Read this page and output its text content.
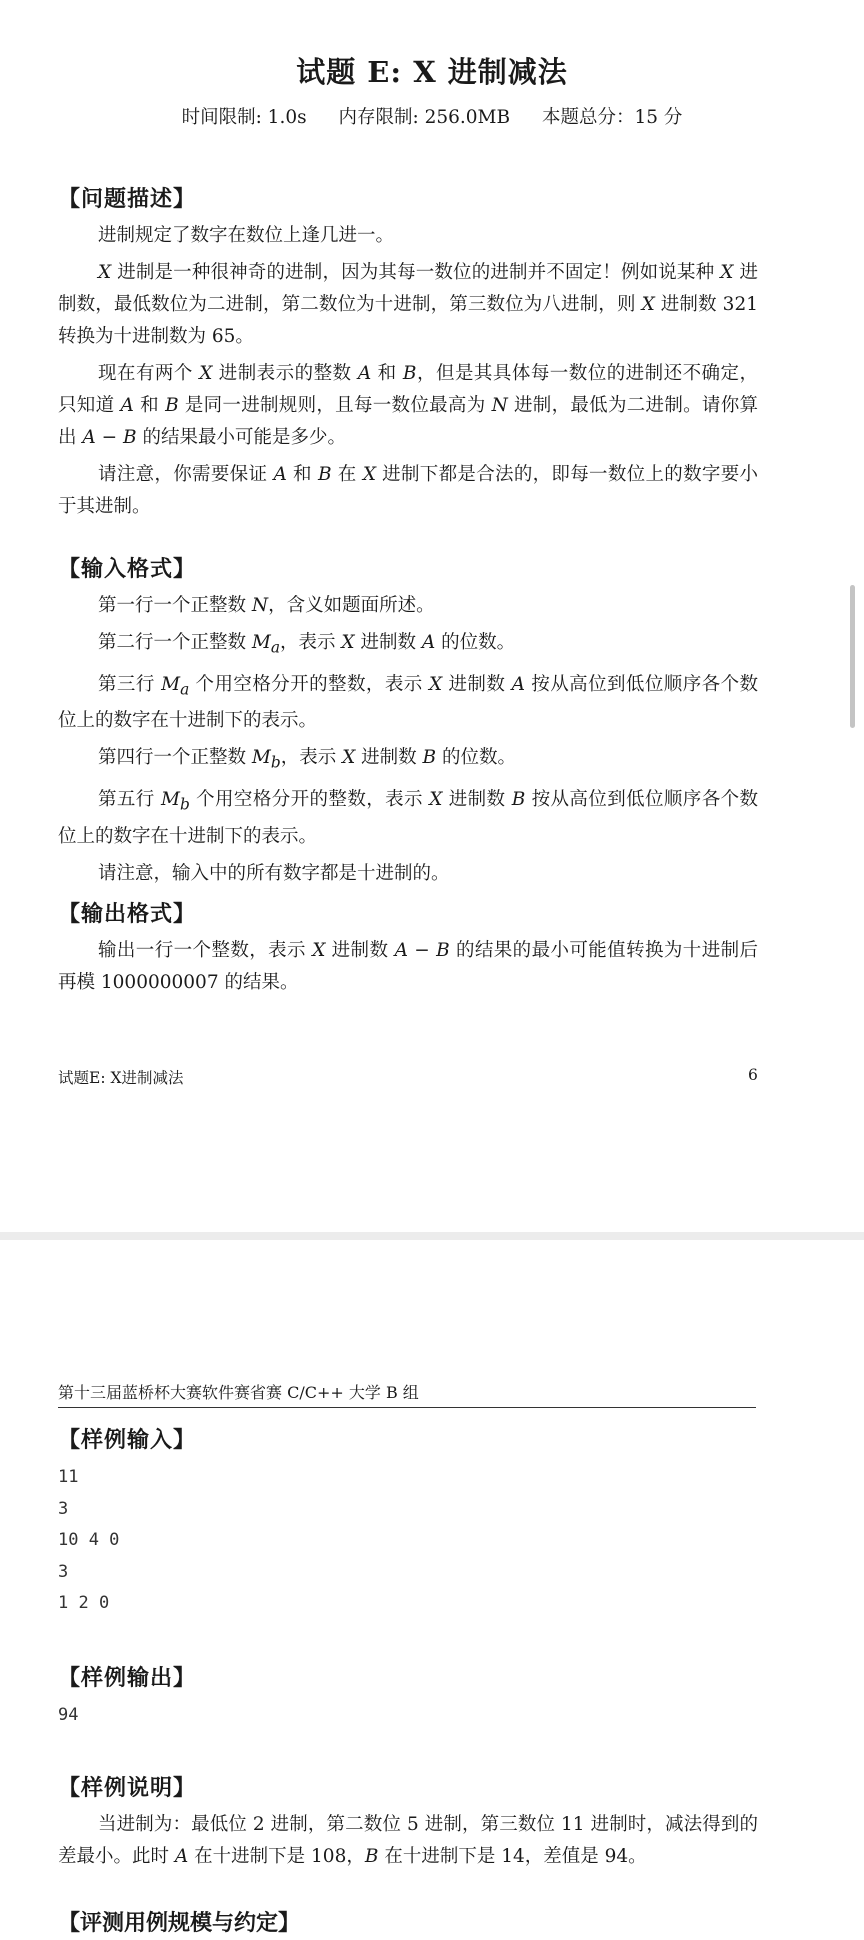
试题 E: X 进制减法
时间限制: 1.0s 内存限制: 256.0MB 本题总分：15 分
【问题描述】

进制规定了数字在数位上逢几进一。

X 进制是一种很神奇的进制，因为其每一数位的进制并不固定！例如说某种 X 进制数，最低数位为二进制，第二数位为十进制，第三数位为八进制，则 X 进制数 321 转换为十进制数为 65。

现在有两个 X 进制表示的整数 A 和 B，但是其具体每一数位的进制还不确定，只知道 A 和 B 是同一进制规则，且每一数位最高为 N 进制，最低为二进制。请你算出 A − B 的结果最小可能是多少。

请注意，你需要保证 A 和 B 在 X 进制下都是合法的，即每一数位上的数字要小于其进制。

【输入格式】

第一行一个正整数 N，含义如题面所述。

第二行一个正整数 $M_a$，表示 X 进制数 A 的位数。

第三行 $M_a$ 个用空格分开的整数，表示 X 进制数 A 按从高位到低位顺序各个数位上的数字在十进制下的表示。

第四行一个正整数 $M_b$，表示 X 进制数 B 的位数。

第五行 $M_b$ 个用空格分开的整数，表示 X 进制数 B 按从高位到低位顺序各个数位上的数字在十进制下的表示。

请注意，输入中的所有数字都是十进制的。

【输出格式】

输出一行一个整数，表示 X 进制数 A − B 的结果的最小可能值转换为十进制后再模 1000000007 的结果。

试题E: X进制减法	6
第十三届蓝桥杯大赛软件赛省赛 C/C++ 大学 B 组
【样例输入】
11
3
10 4 0
3
1 2 0
【样例输出】
94
【样例说明】

当进制为：最低位 2 进制，第二数位 5 进制，第三数位 11 进制时，减法得到的差最小。此时 A 在十进制下是 108，B 在十进制下是 14，差值是 94。

【评测用例规模与约定】
